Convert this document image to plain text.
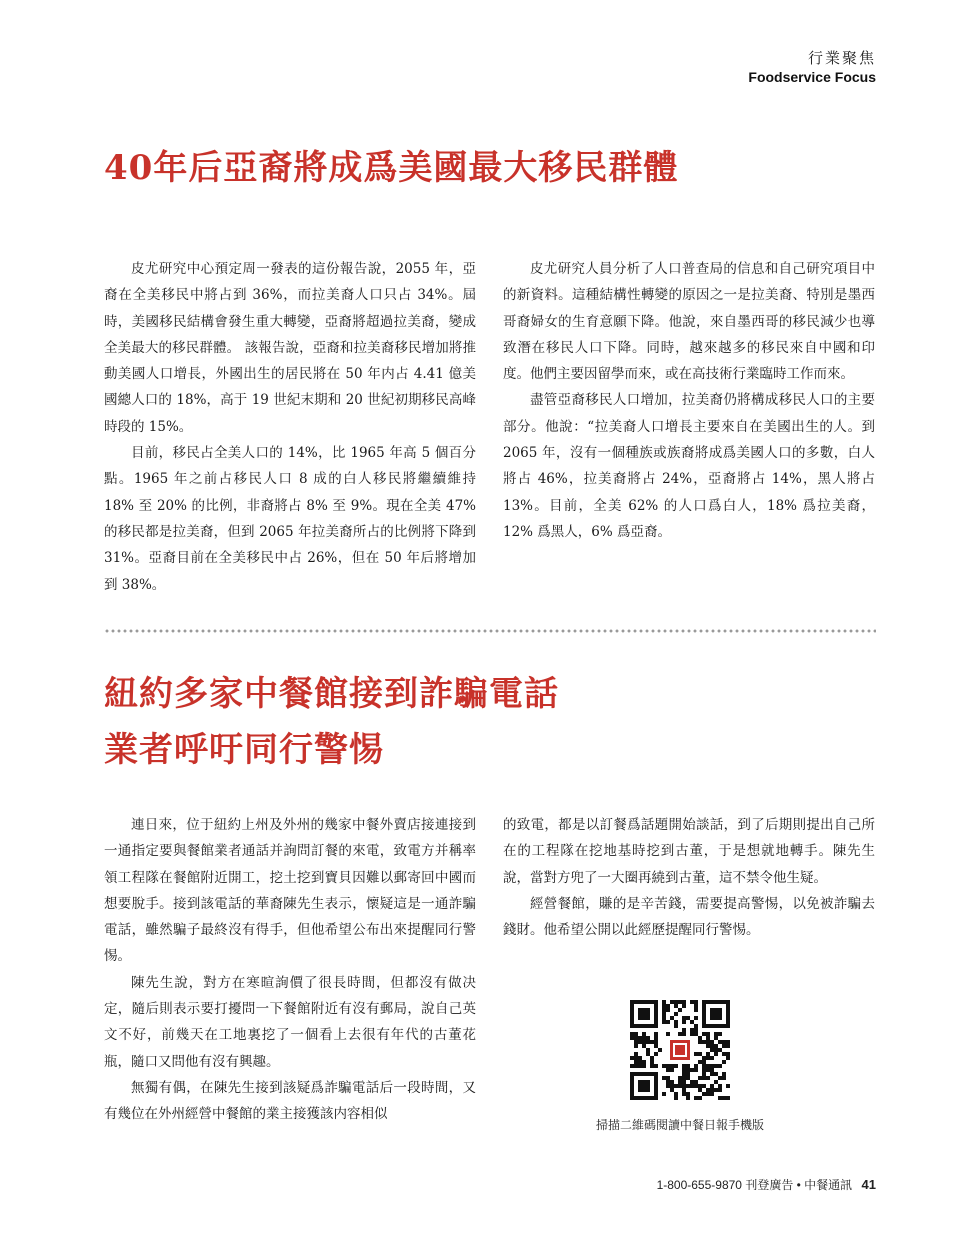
行業聚焦
Foodservice Focus
40年后亞裔將成爲美國最大移民群體

皮尤研究中心預定周一發表的這份報告說，2055 年，亞裔在全美移民中將占到 36%，而拉美裔人口只占 34%。屆時，美國移民結構會發生重大轉變，亞裔將超過拉美裔，變成全美最大的移民群體。 該報告說，亞裔和拉美裔移民增加將推動美國人口增長，外國出生的居民將在 50 年内占 4.41 億美國總人口的 18%，高于 19 世紀末期和 20 世紀初期移民高峰時段的 15%。

目前，移民占全美人口的 14%，比 1965 年高 5 個百分點。1965 年之前占移民人口 8 成的白人移民將繼續維持 18% 至 20% 的比例，非裔將占 8% 至 9%。現在全美 47% 的移民都是拉美裔，但到 2065 年拉美裔所占的比例將下降到 31%。亞裔目前在全美移民中占 26%，但在 50 年后將增加到 38%。

皮尤研究人員分析了人口普查局的信息和自己研究項目中的新資料。這種結構性轉變的原因之一是拉美裔、特別是墨西哥裔婦女的生育意願下降。他說，來自墨西哥的移民減少也導致潛在移民人口下降。同時，越來越多的移民來自中國和印度。他們主要因留學而來，或在高技術行業臨時工作而來。

盡管亞裔移民人口增加，拉美裔仍將構成移民人口的主要部分。他說：“拉美裔人口增長主要來自在美國出生的人。到 2065 年，沒有一個種族或族裔將成爲美國人口的多數，白人將占 46%，拉美裔將占 24%，亞裔將占 14%，黑人將占 13%。目前，全美 62% 的人口爲白人，18% 爲拉美裔，12% 爲黑人，6% 爲亞裔。

紐約多家中餐館接到詐騙電話
業者呼吁同行警惕

連日來，位于紐約上州及外州的幾家中餐外賣店接連接到一通指定要與餐館業者通話并詢問訂餐的來電，致電方并稱率領工程隊在餐館附近開工，挖土挖到寶貝因難以郵寄回中國而想要脫手。接到該電話的華裔陳先生表示，懷疑這是一通詐騙電話，雖然騙子最終沒有得手，但他希望公布出來提醒同行警惕。

陳先生說，對方在寒暄詢價了很長時間，但都沒有做决定，隨后則表示要打擾問一下餐館附近有沒有郵局，說自己英文不好，前幾天在工地裏挖了一個看上去很有年代的古董花瓶，隨口又問他有沒有興趣。

無獨有偶，在陳先生接到該疑爲詐騙電話后一段時間，又有幾位在外州經營中餐館的業主接獲該内容相似

的致電，都是以訂餐爲話題開始談話，到了后期則提出自己所在的工程隊在挖地基時挖到古董，于是想就地轉手。陳先生說，當對方兜了一大圈再繞到古董，這不禁令他生疑。

經營餐館，賺的是辛苦錢，需要提高警惕，以免被詐騙去錢財。他希望公開以此經歷提醒同行警惕。

掃描二維碼閱讀中餐日報手機版
1-800-655-9870 刊登廣告 • 中餐通訊 41
